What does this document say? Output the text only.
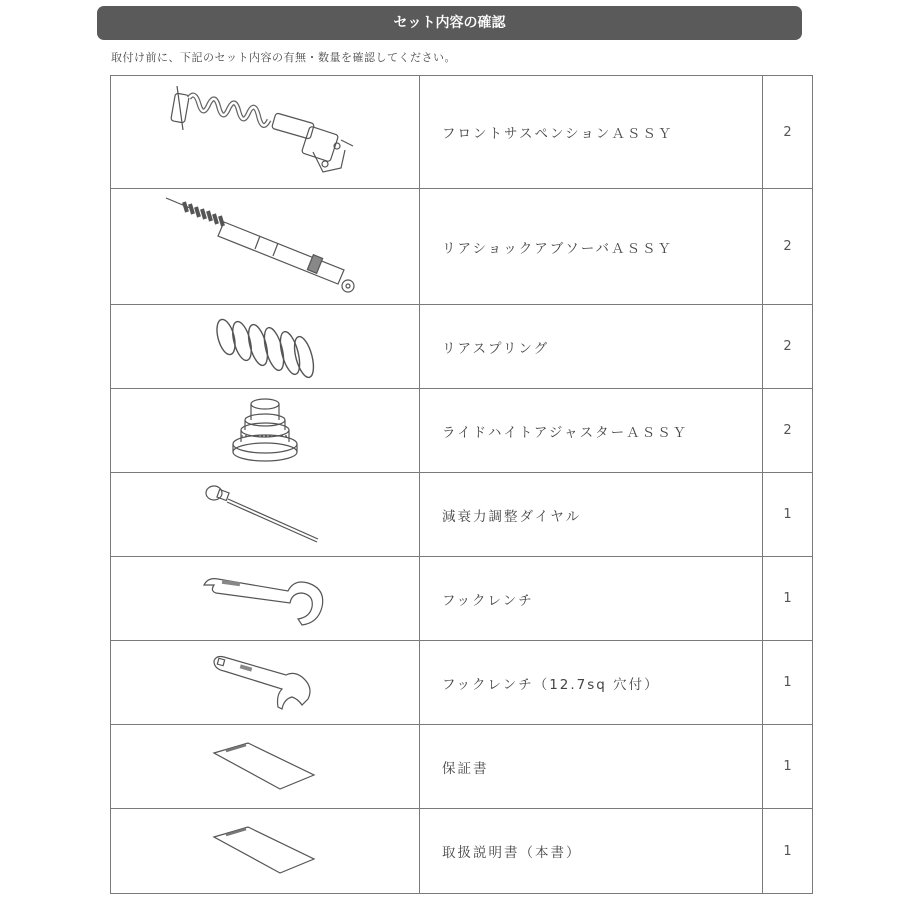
セット内容の確認
取付け前に、下記のセット内容の有無・数量を確認してください。
	フロントサスペンションＡＳＳＹ	2

	リアショックアブソーバＡＳＳＹ	2

	リアスプリング	2

	ライドハイトアジャスターＡＳＳＹ	2

	減衰力調整ダイヤル	1

	フックレンチ	1

	フックレンチ（12.7sq 穴付）	1

	保証書	1

	取扱説明書（本書）	1
